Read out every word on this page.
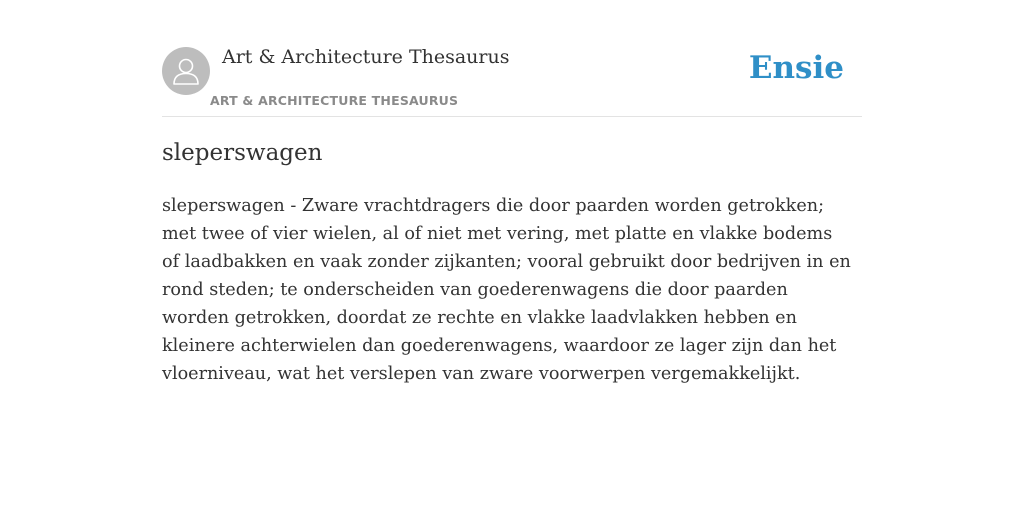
Art & Architecture Thesaurus
ART & ARCHITECTURE THESAURUS
Ensie
sleperswagen

sleperswagen - Zware vrachtdragers die door paarden worden getrokken; met twee of vier wielen, al of niet met vering, met platte en vlakke bodems of laadbakken en vaak zonder zijkanten; vooral gebruikt door bedrijven in en rond steden; te onderscheiden van goederenwagens die door paarden worden getrokken, doordat ze rechte en vlakke laadvlakken hebben en kleinere achterwielen dan goederenwagens, waardoor ze lager zijn dan het vloerniveau, wat het verslepen van zware voorwerpen vergemakkelijkt.
